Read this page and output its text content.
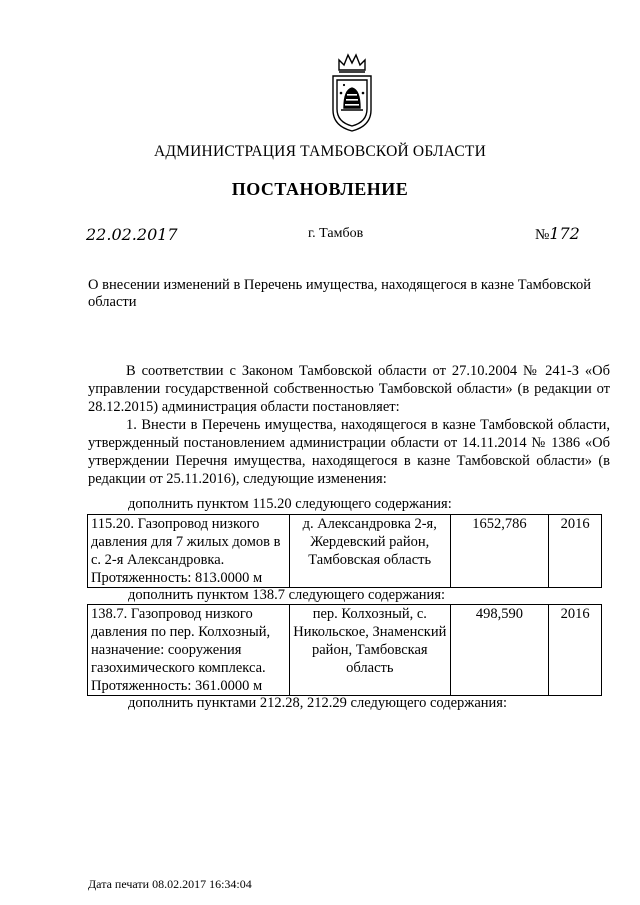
АДМИНИСТРАЦИЯ ТАМБОВСКОЙ ОБЛАСТИ
ПОСТАНОВЛЕНИЕ
22.02.2017	г. Тамбов	№172
О внесении изменений в Перечень имущества, находящегося в казне Тамбовской области
В соответствии с Законом Тамбовской области от 27.10.2004 № 241-З «Об управлении государственной собственностью Тамбовской области» (в редакции от 28.12.2015) администрация области постановляет:
1. Внести в Перечень имущества, находящегося в казне Тамбовской области, утвержденный постановлением администрации области от 14.11.2014 № 1386 «Об утверждении Перечня имущества, находящегося в казне Тамбовской области» (в редакции от 25.11.2016), следующие изменения:
дополнить пунктом 115.20 следующего содержания:
115.20. Газопровод низкого давления для 7 жилых домов в с. 2-я Александровка. Протяженность: 813.0000 м	д. Александровка 2-я, Жердевский район, Тамбовская область	1652,786	2016
дополнить пунктом 138.7 следующего содержания:
138.7. Газопровод низкого давления по пер. Колхозный, назначение: сооружения газохимического комплекса. Протяженность: 361.0000 м	пер. Колхозный, с. Никольское, Знаменский район, Тамбовская область	498,590	2016
дополнить пунктами 212.28, 212.29 следующего содержания:
Дата печати 08.02.2017 16:34:04
